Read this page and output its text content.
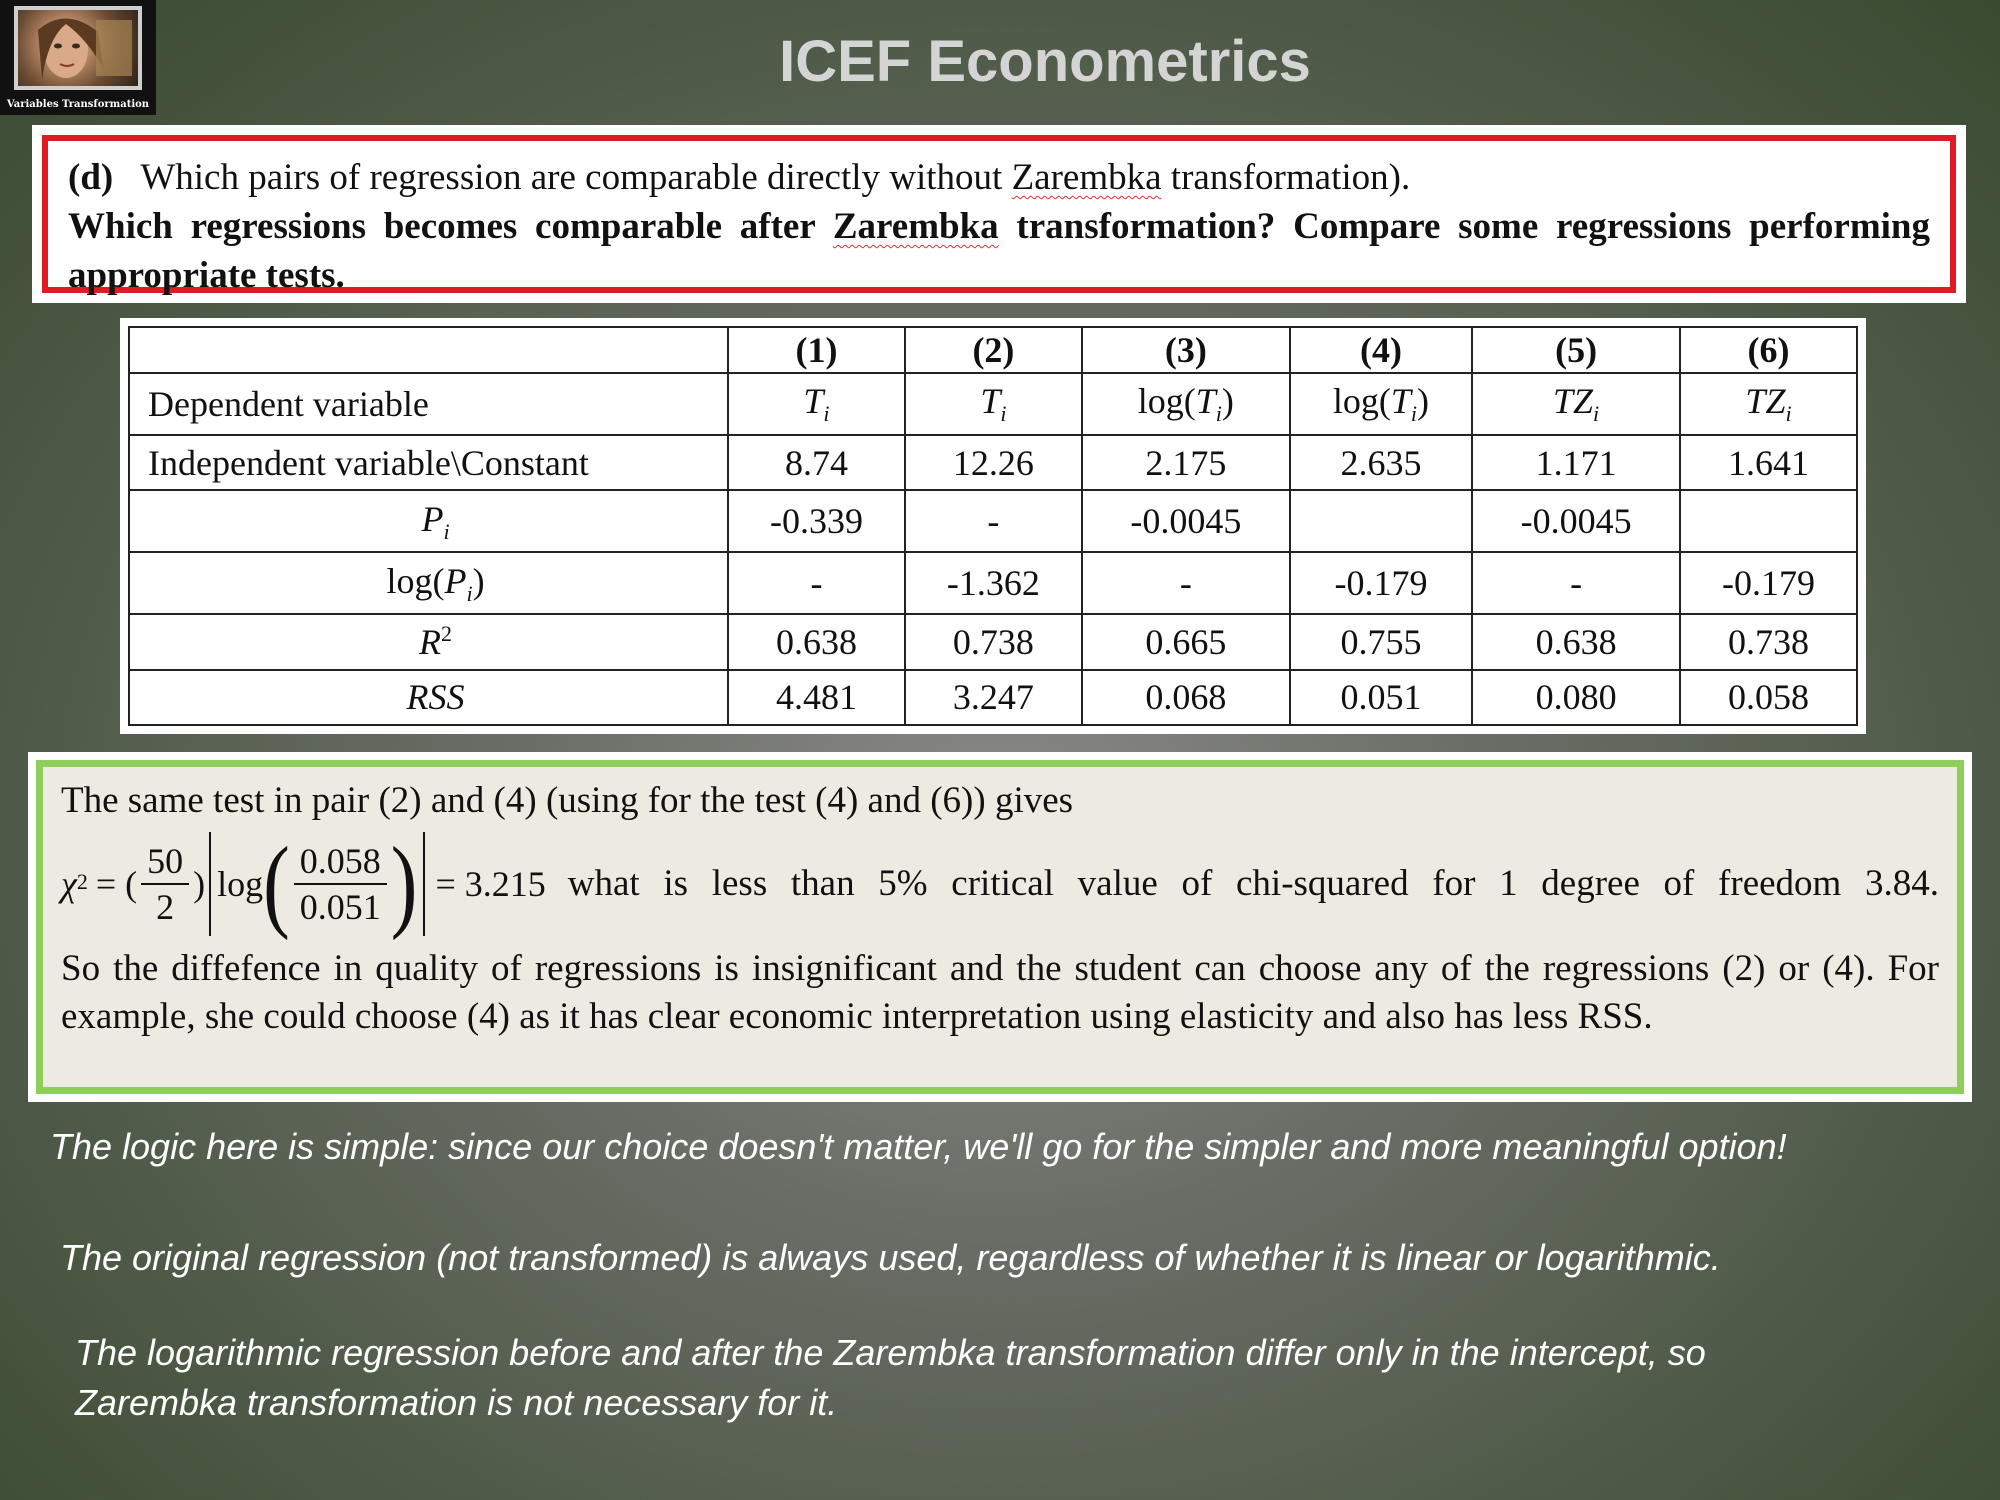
Variables Transformation
ICEF Econometrics
(d) Which pairs of regression are comparable directly without Zarembka transformation).
Which regressions becomes comparable after Zarembka transformation? Compare some regressions performing appropriate tests.
	(1)	(2)	(3)	(4)	(5)	(6)
Dependent variable	$T_i$	$T_i$	$\log(T_i)$	$\log(T_i)$	$TZ_i$	$TZ_i$
Independent variable\Constant	8.74	12.26	2.175	2.635	1.171	1.641
$P_i$	-0.339	-	-0.0045		-0.0045	
$\log(P_i)$	-	-1.362	-	-0.179	-	-0.179
$R^2$	0.638	0.738	0.665	0.755	0.638	0.738
RSS	4.481	3.247	0.068	0.051	0.080	0.058

The same test in pair (2) and (4) (using for the test (4) and (6)) gives

χ 2 = ( $\frac{50}{2}$ ) log ( $\frac{0.058}{0.051}$ ) = 3.215 what is less than 5% critical value of chi-squared for 1 degree of freedom 3.84.

So the diffefence in quality of regressions is insignificant and the student can choose any of the regressions (2) or (4). For example, she could choose (4) as it has clear economic interpretation using elasticity and also has less RSS.

The logic here is simple: since our choice doesn't matter, we'll go for the simpler and more meaningful option!
The original regression (not transformed) is always used, regardless of whether it is linear or logarithmic.
The logarithmic regression before and after the Zarembka transformation differ only in the intercept, so Zarembka transformation is not necessary for it.
